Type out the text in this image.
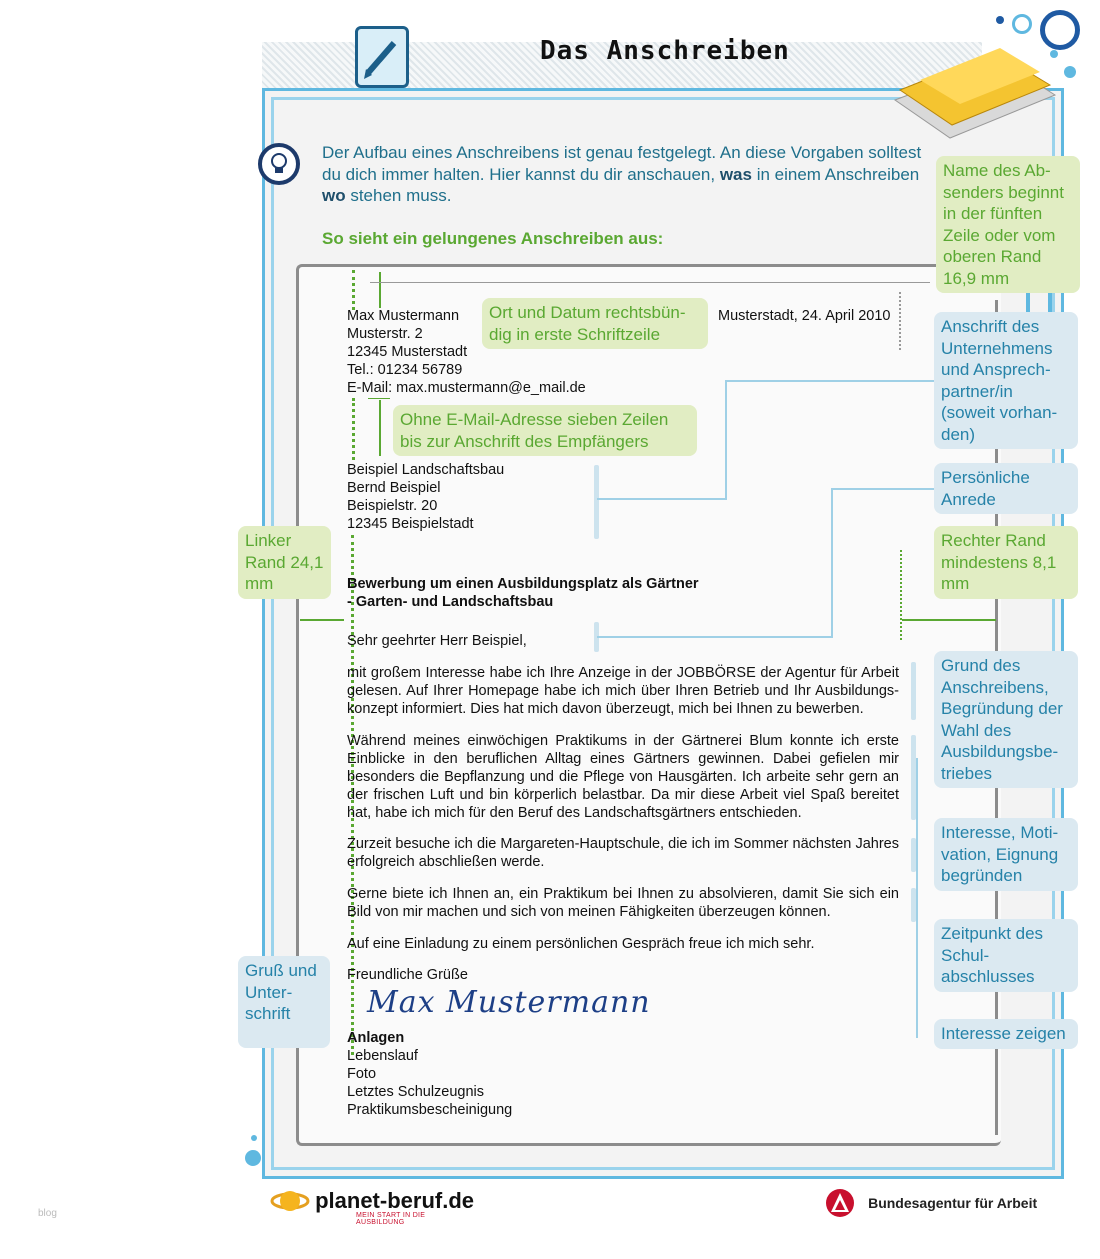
Das Anschreiben
Der Aufbau eines Anschreibens ist genau festgelegt. An diese Vorgaben solltest du dich immer halten. Hier kannst du dir anschauen, was in einem Anschreiben wo stehen muss.
So sieht ein gelungenes Anschreiben aus:
Max Mustermann
Musterstr. 2
12345 Musterstadt
Tel.: 01234 56789
E-Mail: max.mustermann@e_mail.de
Musterstadt, 24. April 2010
Beispiel Landschaftsbau
Bernd Beispiel
Beispielstr. 20
12345 Beispielstadt
Bewerbung um einen Ausbildungsplatz als Gärtner
- Garten- und Landschaftsbau
Sehr geehrter Herr Beispiel,
mit großem Interesse habe ich Ihre Anzeige in der JOBBÖRSE der Agentur für Arbeit gelesen. Auf Ihrer Homepage habe ich mich über Ihren Betrieb und Ihr Ausbildungs-konzept informiert. Dies hat mich davon überzeugt, mich bei Ihnen zu bewerben.
Während meines einwöchigen Praktikums in der Gärtnerei Blum konnte ich erste Einblicke in den beruflichen Alltag eines Gärtners gewinnen. Dabei gefielen mir besonders die Bepflanzung und die Pflege von Hausgärten. Ich arbeite sehr gern an der frischen Luft und bin körperlich belastbar. Da mir diese Arbeit viel Spaß bereitet hat, habe ich mich für den Beruf des Landschaftsgärtners entschieden.
Zurzeit besuche ich die Margareten-Hauptschule, die ich im Sommer nächsten Jahres erfolgreich abschließen werde.
Gerne biete ich Ihnen an, ein Praktikum bei Ihnen zu absolvieren, damit Sie sich ein Bild von mir machen und sich von meinen Fähigkeiten überzeugen können.
Auf eine Einladung zu einem persönlichen Gespräch freue ich mich sehr.
Freundliche Grüße
Max Mustermann
Anlagen
Lebenslauf
Foto
Letztes Schulzeugnis
Praktikumsbescheinigung
Ort und Datum rechtsbün-dig in erste Schriftzeile
Ohne E-Mail-Adresse sieben Zeilen bis zur Anschrift des Empfängers
Linker Rand 24,1 mm
Name des Ab-senders beginnt in der fünften Zeile oder vom oberen Rand 16,9 mm
Rechter Rand mindestens 8,1 mm
Gruß und Unter-schrift
Anschrift des Unternehmens und Ansprech-partner/in (soweit vorhan-den)
Persönliche Anrede
Grund des Anschreibens, Begründung der Wahl des Ausbildungsbe-triebes
Interesse, Moti-vation, Eignung begründen
Zeitpunkt des Schul-abschlusses
Interesse zeigen
planet-beruf.de
MEIN START IN DIE AUSBILDUNG
Bundesagentur für Arbeit
blog
